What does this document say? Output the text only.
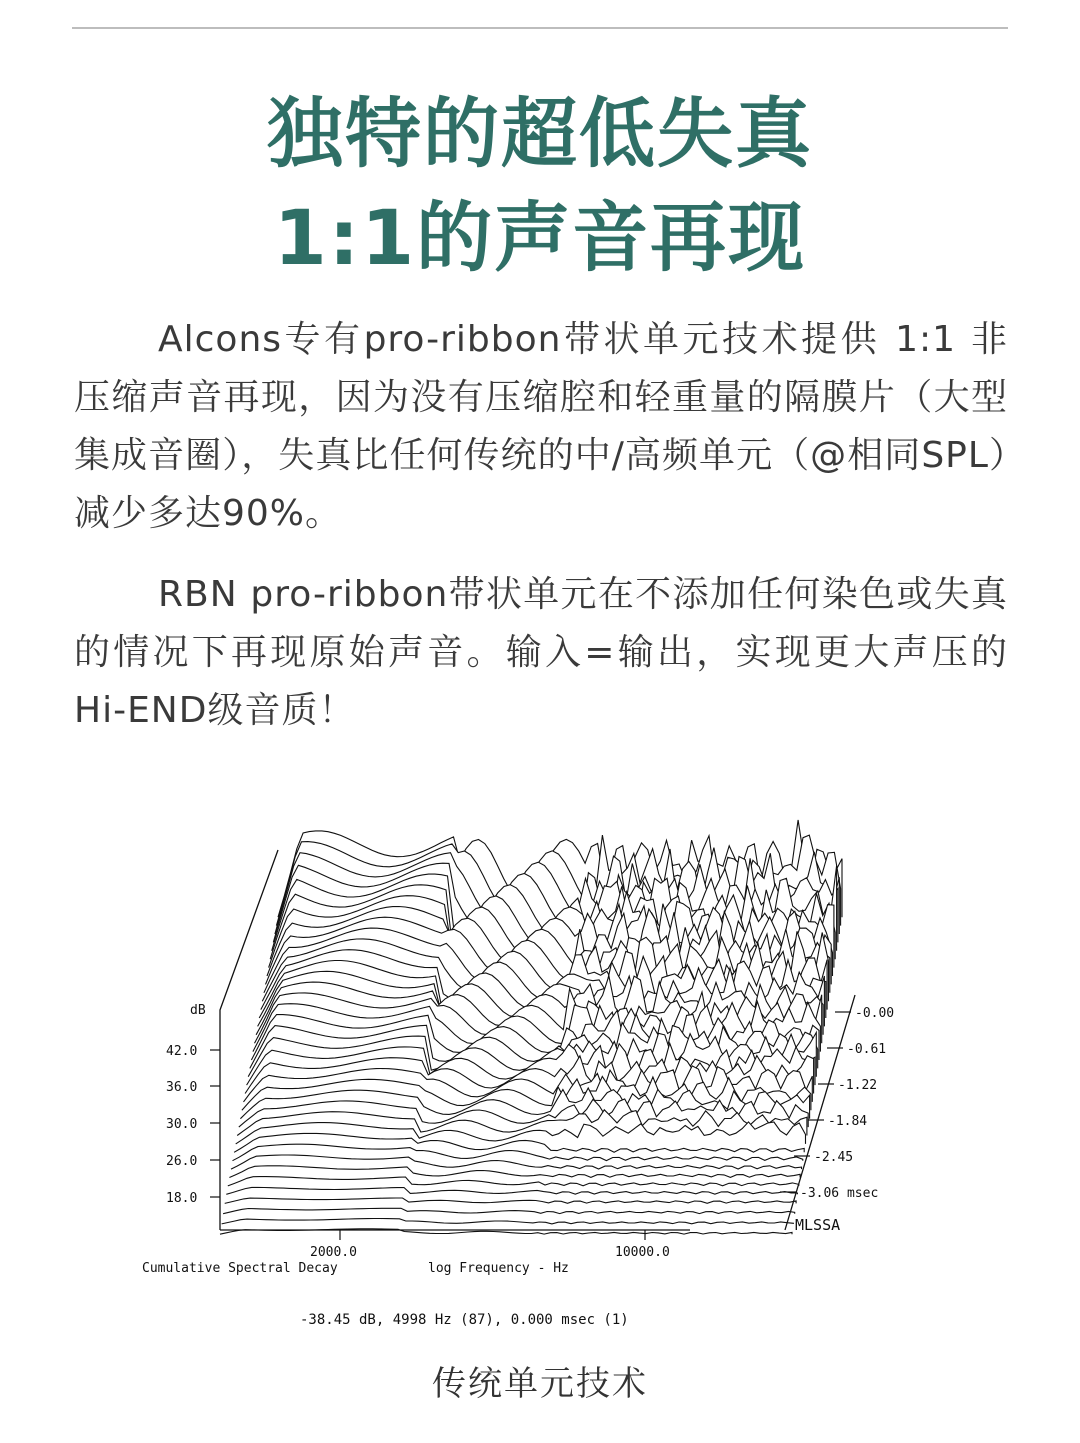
独特的超低失真
1:1的声音再现

Alcons专有pro-ribbon带状单元技术提供 1:1 非压缩声音再现，因为没有压缩腔和轻重量的隔膜片（大型集成音圈），失真比任何传统的中/高频单元（@相同SPL）减少多达90%。

RBN pro-ribbon带状单元在不添加任何染色或失真的情况下再现原始声音。输入=输出，实现更大声压的Hi-END级音质！

dB
42.0
36.0
30.0
26.0
18.0
-0.00
-0.61
-1.22
-1.84
-2.45
-3.06 msec
2000.0	10000.0
MLSSA
Cumulative Spectral Decay	log Frequency - Hz
-38.45 dB, 4998 Hz (87), 0.000 msec (1)
传统单元技术
